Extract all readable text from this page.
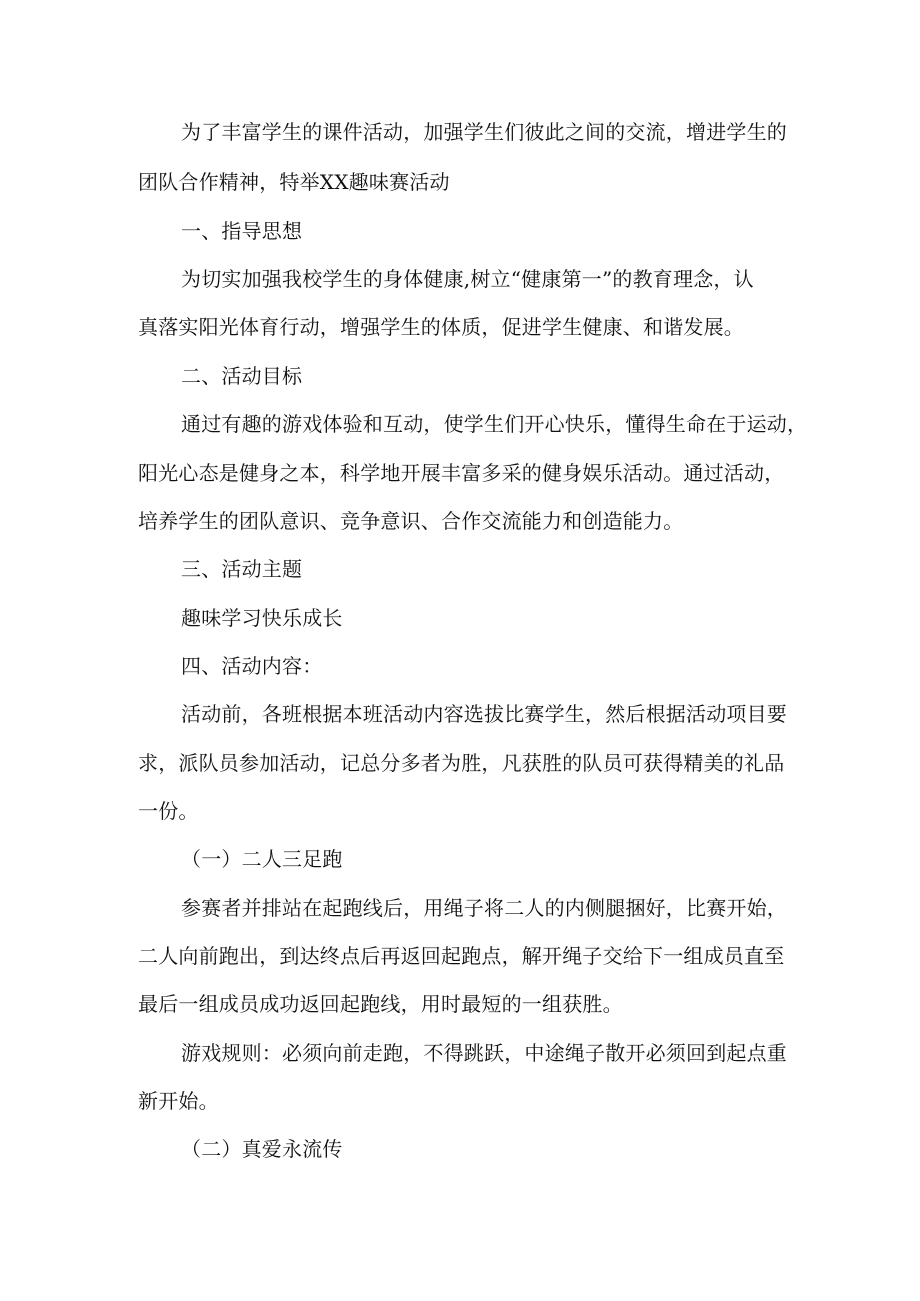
为了丰富学生的课件活动，加强学生们彼此之间的交流，增进学生的
团队合作精神，特举XX趣味赛活动
一、指导思想
为切实加强我校学生的身体健康,树立“健康第一”的教育理念，认
真落实阳光体育行动，增强学生的体质，促进学生健康、和谐发展。
二、活动目标
通过有趣的游戏体验和互动，使学生们开心快乐，懂得生命在于运动，
阳光心态是健身之本，科学地开展丰富多采的健身娱乐活动。通过活动，
培养学生的团队意识、竞争意识、合作交流能力和创造能力。
三、活动主题
趣味学习快乐成长
四、活动内容：
活动前，各班根据本班活动内容选拔比赛学生，然后根据活动项目要
求，派队员参加活动，记总分多者为胜，凡获胜的队员可获得精美的礼品
一份。
（一）二人三足跑
参赛者并排站在起跑线后，用绳子将二人的内侧腿捆好，比赛开始，
二人向前跑出，到达终点后再返回起跑点，解开绳子交给下一组成员直至
最后一组成员成功返回起跑线，用时最短的一组获胜。
游戏规则：必须向前走跑，不得跳跃，中途绳子散开必须回到起点重
新开始。
（二）真爱永流传
